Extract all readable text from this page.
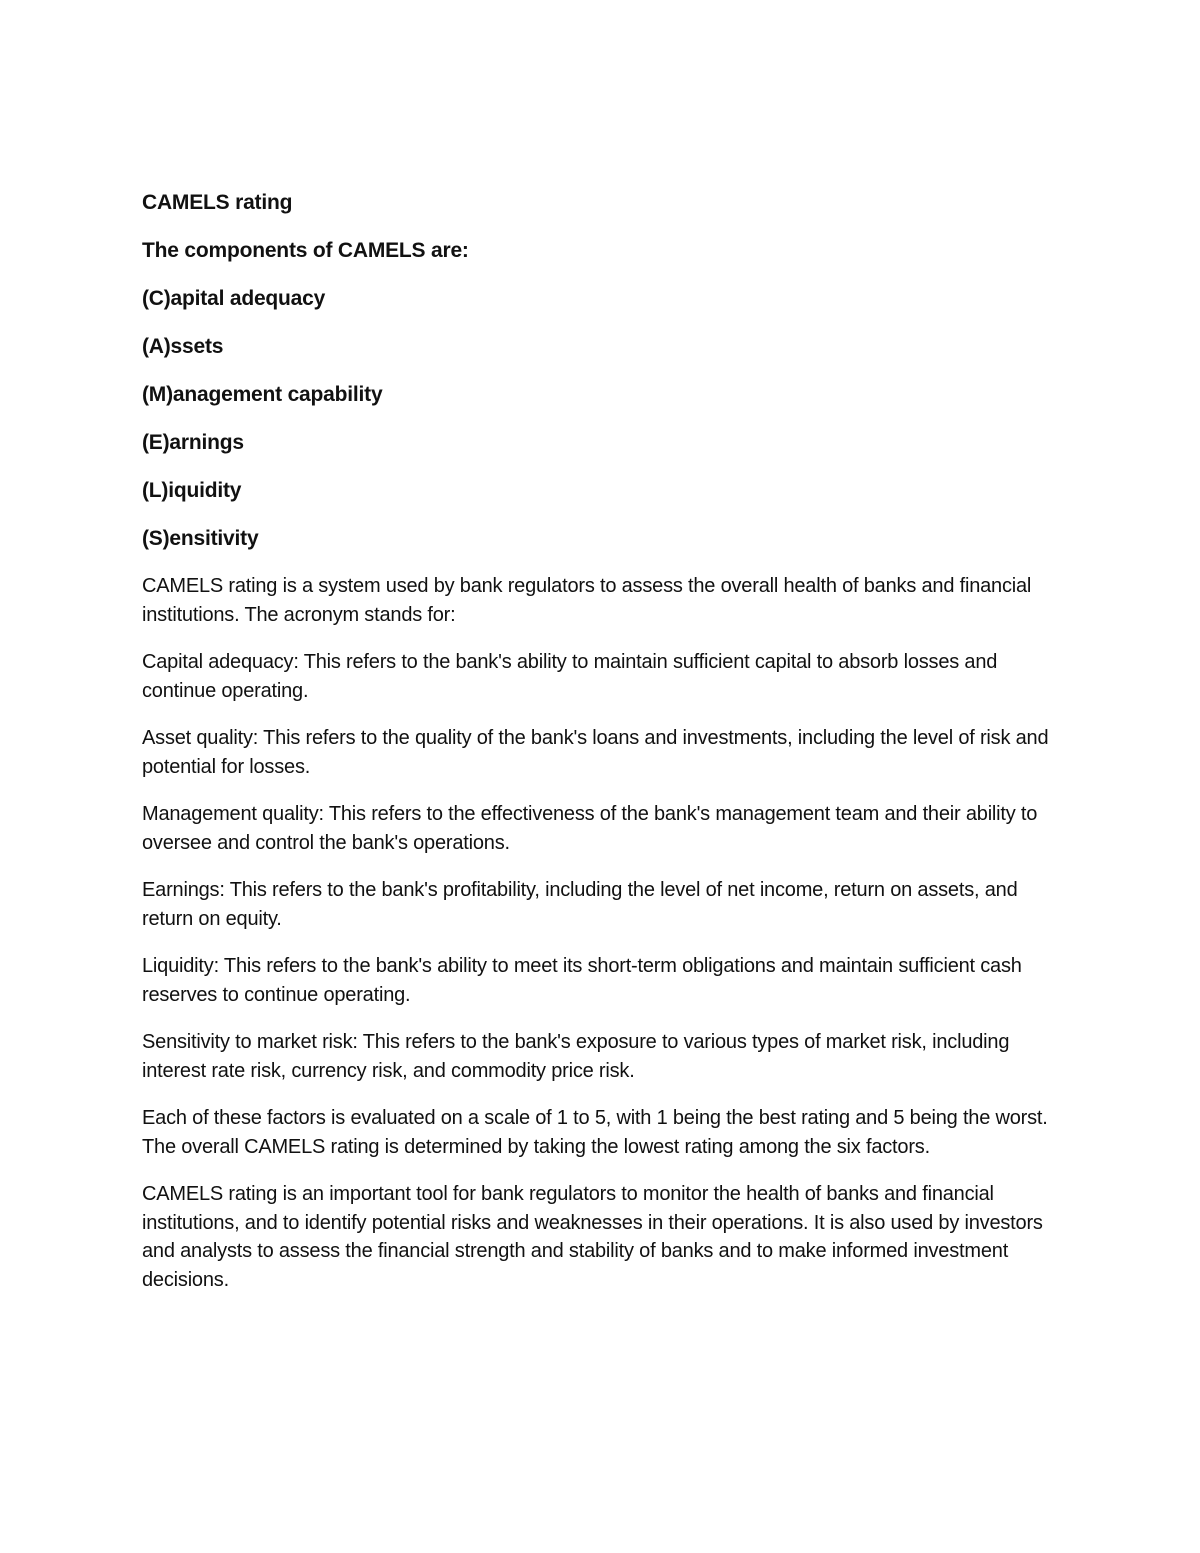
CAMELS rating
The components of CAMELS are:
(C)apital adequacy
(A)ssets
(M)anagement capability
(E)arnings
(L)iquidity
(S)ensitivity

CAMELS rating is a system used by bank regulators to assess the overall health of banks and financial institutions. The acronym stands for:

Capital adequacy: This refers to the bank's ability to maintain sufficient capital to absorb losses and continue operating.

Asset quality: This refers to the quality of the bank's loans and investments, including the level of risk and potential for losses.

Management quality: This refers to the effectiveness of the bank's management team and their ability to oversee and control the bank's operations.

Earnings: This refers to the bank's profitability, including the level of net income, return on assets, and return on equity.

Liquidity: This refers to the bank's ability to meet its short-term obligations and maintain sufficient cash reserves to continue operating.

Sensitivity to market risk: This refers to the bank's exposure to various types of market risk, including interest rate risk, currency risk, and commodity price risk.

Each of these factors is evaluated on a scale of 1 to 5, with 1 being the best rating and 5 being the worst. The overall CAMELS rating is determined by taking the lowest rating among the six factors.

CAMELS rating is an important tool for bank regulators to monitor the health of banks and financial institutions, and to identify potential risks and weaknesses in their operations. It is also used by investors and analysts to assess the financial strength and stability of banks and to make informed investment decisions.
